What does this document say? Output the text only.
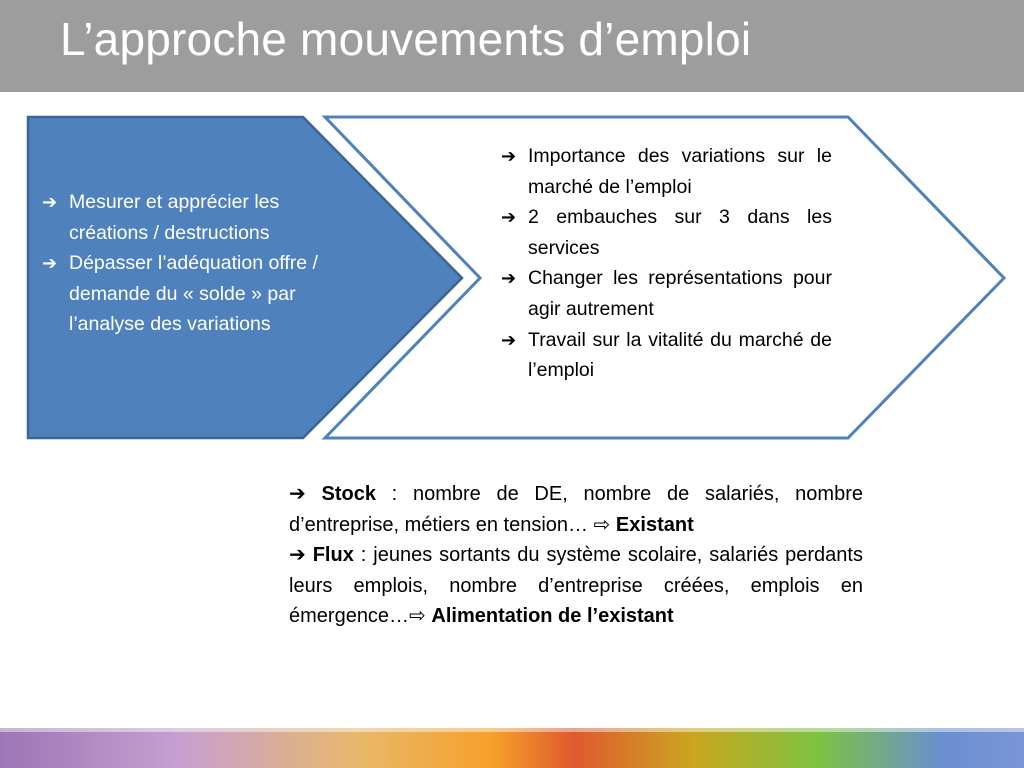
L’approche mouvements d’emploi
➔ Mesurer et apprécier les créations / destructions
➔ Dépasser l’adéquation offre / demande du « solde » par l’analyse des variations
➔ Importance des variations sur le marché de l’emploi
➔ 2 embauches sur 3 dans les services
➔ Changer les représentations pour agir autrement
➔ Travail sur la vitalité du marché de l’emploi
➔ Stock : nombre de DE, nombre de salariés, nombre d’entreprise, métiers en tension… ⇨ Existant
➔ Flux : jeunes sortants du système scolaire, salariés perdants leurs emplois, nombre d’entreprise créées, emplois en émergence…⇨ Alimentation de l’existant
